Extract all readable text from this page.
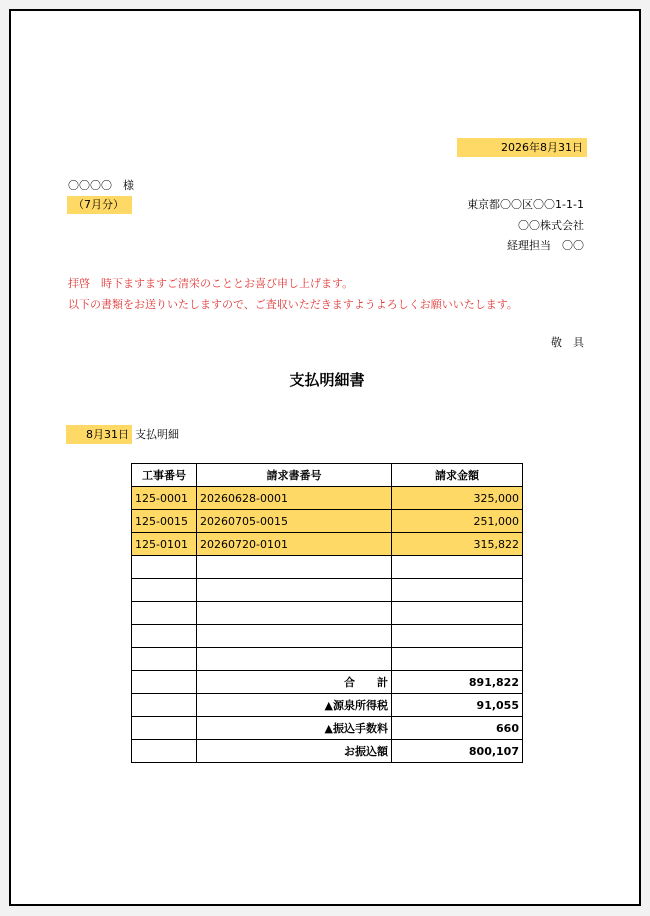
2026年8月31日
〇〇〇〇　様
（7月分）	東京都〇〇区〇〇1-1-1
〇〇株式会社
経理担当　〇〇
拝啓　時下ますますご清栄のこととお喜び申し上げます。
以下の書類をお送りいたしますので、ご査収いただきますようよろしくお願いいたします。
敬　具
支払明細書
8月31日 支払明細
工事番号	請求書番号	請求金額
125-0001	20260628-0001	325,000
125-0015	20260705-0015	251,000
125-0101	20260720-0101	315,822

	合　　計	891,822
	▲源泉所得税	91,055
	▲振込手数料	660
	お振込額	800,107
